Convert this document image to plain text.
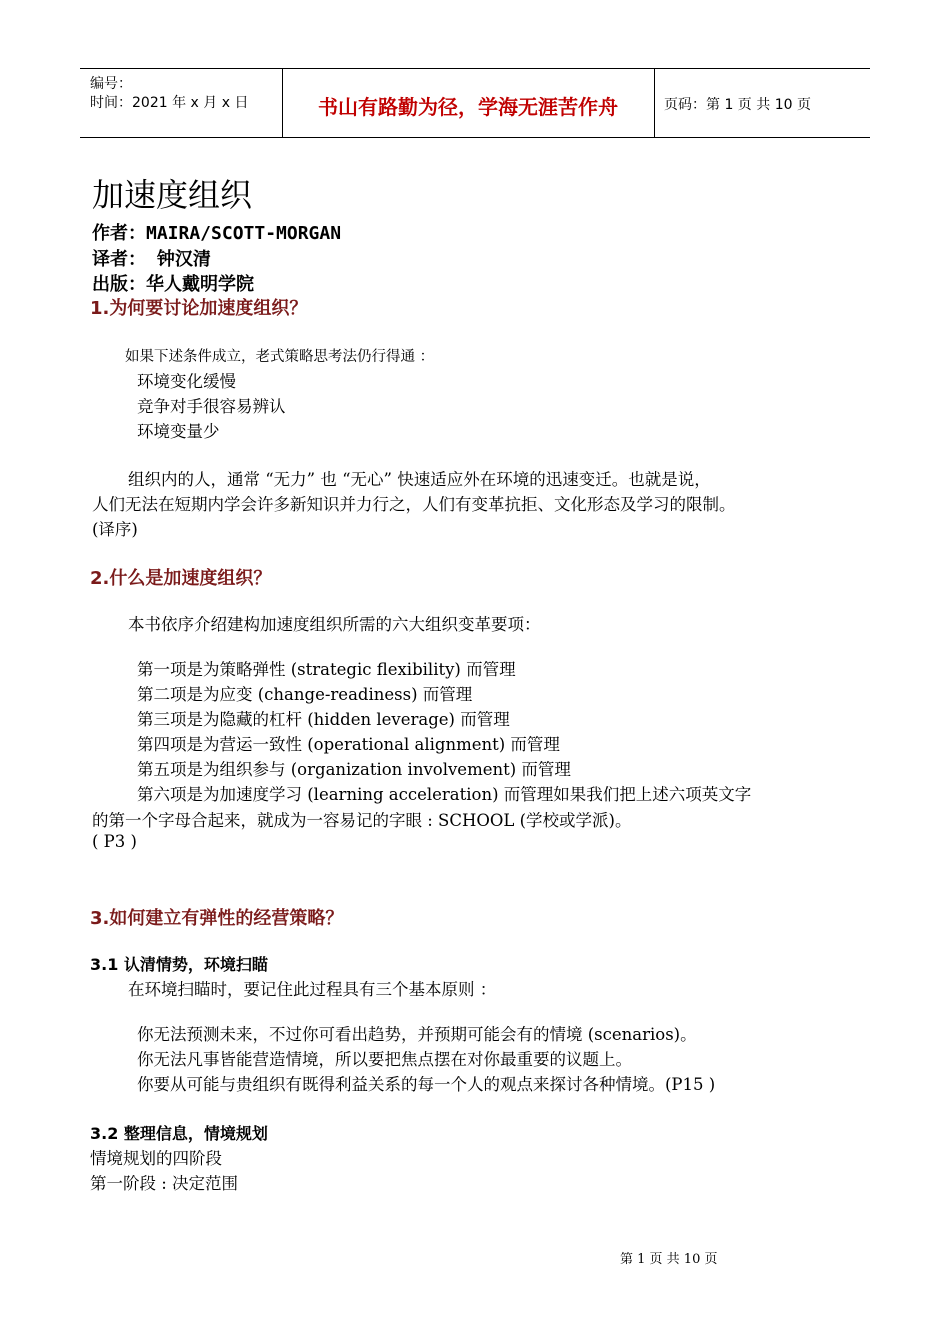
编号：
时间：2021 年 x 月 x 日	书山有路勤为径，学海无涯苦作舟	页码：第 1 页 共 10 页
加速度组织
作者：MAIRA/SCOTT-MORGAN
译者： 钟汉清
出版：华人戴明学院
1.为何要讨论加速度组织？
如果下述条件成立，老式策略思考法仍行得通 ：
环境变化缓慢
竞争对手很容易辨认
环境变量少
组织内的人，通常 “无力” 也 “无心” 快速适应外在环境的迅速变迁。也就是说，
人们无法在短期内学会许多新知识并力行之，人们有变革抗拒、文化形态及学习的限制。
(译序)
2.什么是加速度组织？
本书依序介绍建构加速度组织所需的六大组织变革要项：
第一项是为策略弹性 (strategic flexibility) 而管理
第二项是为应变 (change-readiness) 而管理
第三项是为隐藏的杠杆 (hidden leverage) 而管理
第四项是为营运一致性 (operational alignment) 而管理
第五项是为组织参与 (organization involvement) 而管理
第六项是为加速度学习 (learning acceleration) 而管理如果我们把上述六项英文字
的第一个字母合起来，就成为一容易记的字眼 : SCHOOL (学校或学派)。
( P3 )
3.如何建立有弹性的经营策略？
3.1 认清情势，环境扫瞄
在环境扫瞄时，要记住此过程具有三个基本原则 ：
你无法预测未来，不过你可看出趋势，并预期可能会有的情境 (scenarios)。
你无法凡事皆能营造情境，所以要把焦点摆在对你最重要的议题上。
你要从可能与贵组织有既得利益关系的每一个人的观点来探讨各种情境。(P15 )
3.2 整理信息，情境规划
情境规划的四阶段
第一阶段 : 决定范围
第 1 页 共 10 页
